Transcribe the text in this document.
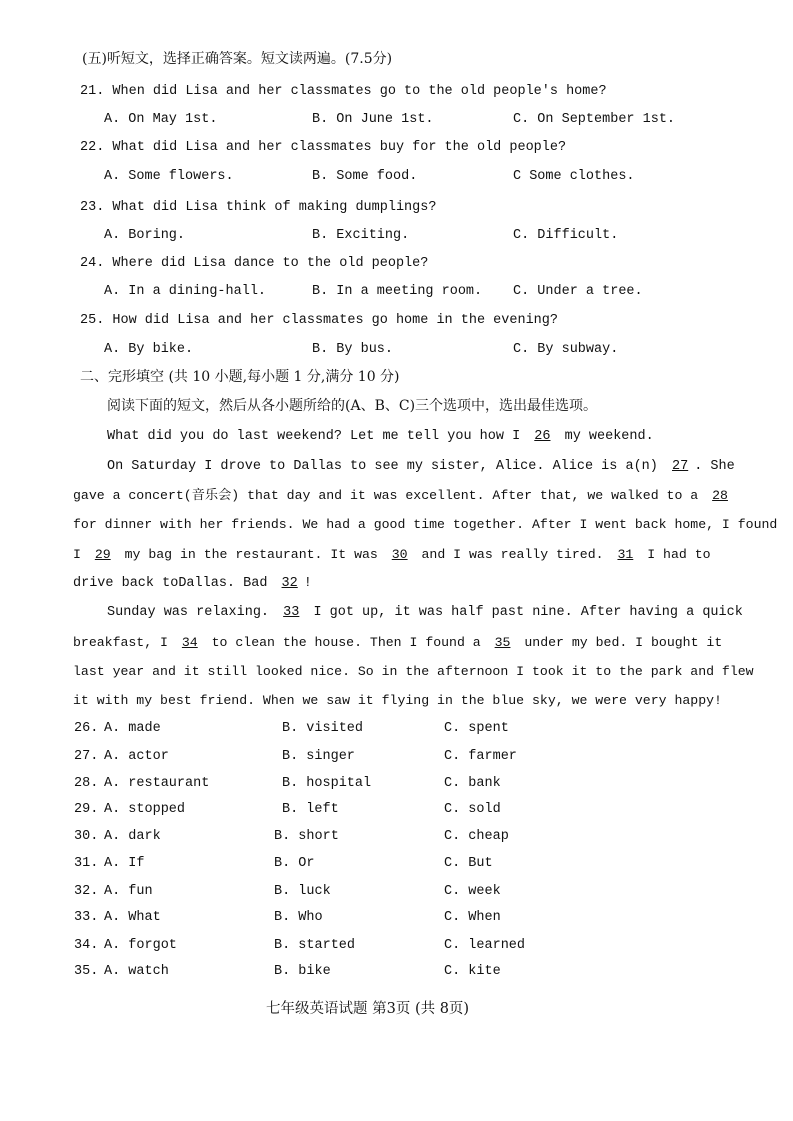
(五)听短文，选择正确答案。短文读两遍。(7.5分)
21. When did Lisa and her classmates go to the old people's home?
A. On May 1st.	B. On June 1st.	C. On September 1st.
22. What did Lisa and her classmates buy for the old people?
A. Some flowers.	B. Some food.	C Some clothes.
23. What did Lisa think of making dumplings?
A. Boring.	B. Exciting.	C. Difficult.
24. Where did Lisa dance to the old people?
A. In a dining-hall.	B. In a meeting room. C. Under a tree.
25. How did Lisa and her classmates go home in the evening?
A. By bike.	B. By bus.	C. By subway.
二、完形填空 (共 10 小题,每小题 1 分,满分 10 分)
阅读下面的短文，然后从各小题所给的(A、B、C)三个选项中，选出最佳选项。
What did you do last weekend? Let me tell you how I 26 my weekend.
On Saturday I drove to Dallas to see my sister, Alice. Alice is a(n) 27 . She
gave a concert(音乐会) that day and it was excellent. After that, we walked to a 28
for dinner with her friends. We had a good time together. After I went back home, I found
I 29 my bag in the restaurant. It was 30 and I was really tired. 31 I had to
drive back toDallas. Bad 32 !
Sunday was relaxing. 33 I got up, it was half past nine. After having a quick
breakfast, I 34 to clean the house. Then I found a 35 under my bed. I bought it
last year and it still looked nice. So in the afternoon I took it to the park and flew
it with my best friend. When we saw it flying in the blue sky, we were very happy!
26. A. made	B. visited	C. spent
27. A. actor	B. singer	C. farmer
28. A. restaurant	B. hospital	C. bank
29. A. stopped	B. left	C. sold
30. A. dark	B. short	C. cheap
31. A. If	B. Or	C. But
32. A. fun	B. luck	C. week
33. A. What	B. Who	C. When
34. A. forgot	B. started	C. learned
35. A. watch	B. bike	C. kite
七年级英语试题 第3页 (共 8页)
